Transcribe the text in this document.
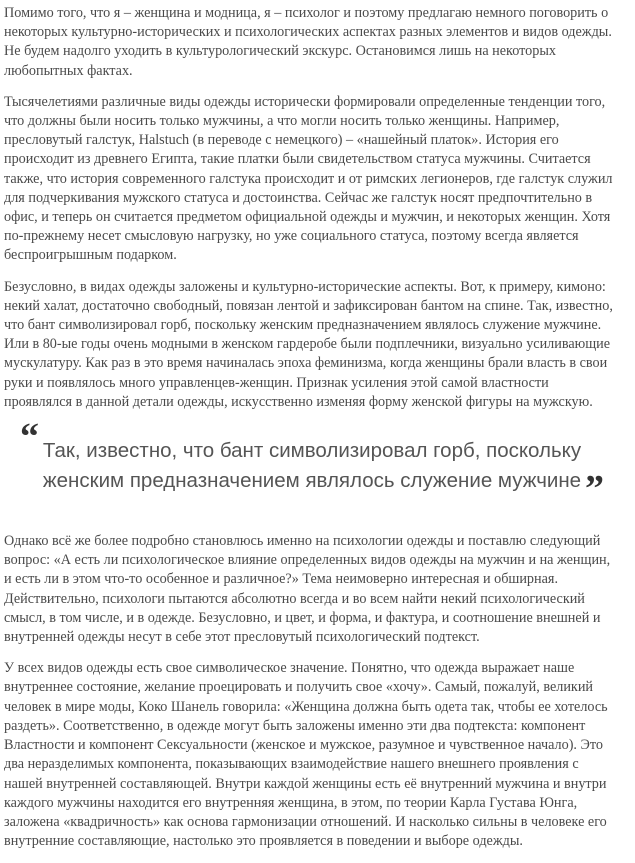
Помимо того, что я – женщина и модница, я – психолог и поэтому предлагаю немного поговорить о некоторых культурно-исторических и психологических аспектах разных элементов и видов одежды. Не будем надолго уходить в культурологический экскурс. Остановимся лишь на некоторых любопытных фактах.

Тысячелетиями различные виды одежды исторически формировали определенные тенденции того, что должны были носить только мужчины, а что могли носить только женщины. Например, пресловутый галстук, Halstuch (в переводе с немецкого) – «нашейный платок». История его происходит из древнего Египта, такие платки были свидетельством статуса мужчины. Считается также, что история современного галстука происходит и от римских легионеров, где галстук служил для подчеркивания мужского статуса и достоинства. Сейчас же галстук носят предпочтительно в офис, и теперь он считается предметом официальной одежды и мужчин, и некоторых женщин. Хотя по-прежнему несет смысловую нагрузку, но уже социального статуса, поэтому всегда является беспроигрышным подарком.

Безусловно, в видах одежды заложены и культурно-исторические аспекты. Вот, к примеру, кимоно: некий халат, достаточно свободный, повязан лентой и зафиксирован бантом на спине. Так, известно, что бант символизировал горб, поскольку женским предназначением являлось служение мужчине. Или в 80-ые годы очень модными в женском гардеробе были подплечники, визуально усиливающие мускулатуру. Как раз в это время начиналась эпоха феминизма, когда женщины брали власть в свои руки и появлялось много управленцев-женщин. Признак усиления этой самой властности проявлялся в данной детали одежды, искусственно изменяя форму женской фигуры на мужскую.

“ Так, известно, что бант символизировал горб, поскольку женским предназначением являлось служение мужчине ”

Однако всё же более подробно становлюсь именно на психологии одежды и поставлю следующий вопрос: «А есть ли психологическое влияние определенных видов одежды на мужчин и на женщин, и есть ли в этом что-то особенное и различное?» Тема неимоверно интересная и обширная. Действительно, психологи пытаются абсолютно всегда и во всем найти некий психологический смысл, в том числе, и в одежде. Безусловно, и цвет, и форма, и фактура, и соотношение внешней и внутренней одежды несут в себе этот пресловутый психологический подтекст.

У всех видов одежды есть свое символическое значение. Понятно, что одежда выражает наше внутреннее состояние, желание проецировать и получить свое «хочу». Самый, пожалуй, великий человек в мире моды, Коко Шанель говорила: «Женщина должна быть одета так, чтобы ее хотелось раздеть». Соответственно, в одежде могут быть заложены именно эти два подтекста: компонент Властности и компонент Сексуальности (женское и мужское, разумное и чувственное начало). Это два неразделимых компонента, показывающих взаимодействие нашего внешнего проявления с нашей внутренней составляющей. Внутри каждой женщины есть её внутренний мужчина и внутри каждого мужчины находится его внутренняя женщина, в этом, по теории Карла Густава Юнга, заложена «квадричность» как основа гармонизации отношений. И насколько сильны в человеке его внутренние составляющие, настолько это проявляется в поведении и выборе одежды.
